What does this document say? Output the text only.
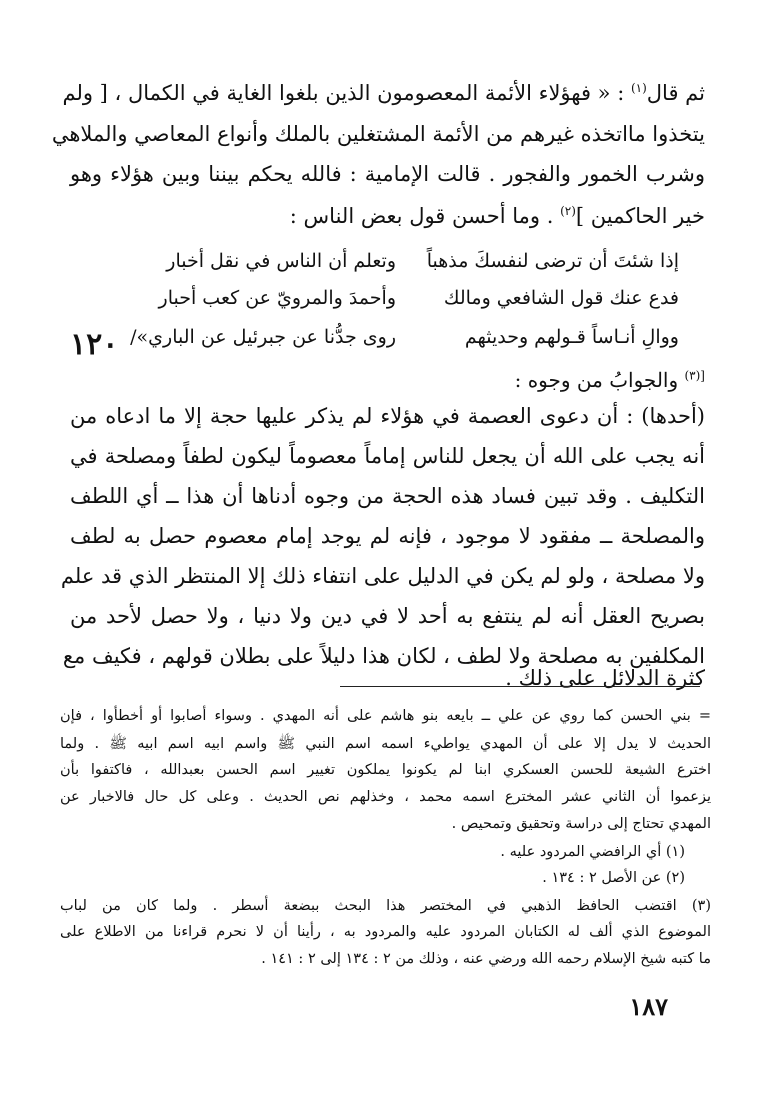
ثم قال$^{(١)}$ : « فهؤلاء الأئمة المعصومون الذين بلغوا الغاية في الكمال ، [ ولم
يتخذوا مااتخذه غيرهم من الأئمة المشتغلين بالملك وأنواع المعاصي والملاهي
وشرب الخمور والفجور . قالت الإمامية : فالله يحكم بيننا وبين هؤلاء وهو
خير الحاكمين ]$^{(٢)}$ . وما أحسن قول بعض الناس :
إذا شئتَ أن ترضى لنفسكَ مذهباً
وتعلم أن الناس في نقل أخبار
فدع عنك قول الشافعي ومالك
وأحمدَ والمرويّ عن كعب أحبار
ووالِ أنـاساً قـولهم وحديثهم
روى جدُّنا عن جبرئيل عن الباري»/
١٢٠
$^{[(٣)}$ والجوابُ من وجوه :
(أحدها) : أن دعوى العصمة في هؤلاء لم يذكر عليها حجة إلا ما ادعاه من
أنه يجب على الله أن يجعل للناس إماماً معصوماً ليكون لطفاً ومصلحة في
التكليف . وقد تبين فساد هذه الحجة من وجوه أدناها أن هذا ــ أي اللطف
والمصلحة ــ مفقود لا موجود ، فإنه لم يوجد إمام معصوم حصل به لطف
ولا مصلحة ، ولو لم يكن في الدليل على انتفاء ذلك إلا المنتظر الذي قد علم
بصريح العقل أنه لم ينتفع به أحد لا في دين ولا دنيا ، ولا حصل لأحد من
المكلفين به مصلحة ولا لطف ، لكان هذا دليلاً على بطلان قولهم ، فكيف مع
كثرة الدلائل على ذلك .
= بني الحسن كما روي عن علي ــ بايعه بنو هاشم على أنه المهدي . وسواء أصابوا أو أخطأوا ، فإن
الحديث لا يدل إلا على أن المهدي يواطيء اسمه اسم النبي ﷺ واسم ابيه اسم ابيه ﷺ . ولما
اخترع الشيعة للحسن العسكري ابنا لم يكونوا يملكون تغيير اسم الحسن بعبدالله ، فاكتفوا بأن
يزعموا أن الثاني عشر المخترع اسمه محمد ، وخذلهم نص الحديث . وعلى كل حال فالاخبار عن
المهدي تحتاج إلى دراسة وتحقيق وتمحيص .
(١) أي الرافضي المردود عليه .
(٢) عن الأصل ٢ : ١٣٤ .
(٣) اقتضب الحافظ الذهبي في المختصر هذا البحث ببضعة أسطر . ولما كان من لباب
الموضوع الذي ألف له الكتابان المردود عليه والمردود به ، رأينا أن لا نحرم قراءنا من الاطلاع على
ما كتبه شيخ الإسلام رحمه الله ورضي عنه ، وذلك من ٢ : ١٣٤ إلى ٢ : ١٤١ .
١٨٧
